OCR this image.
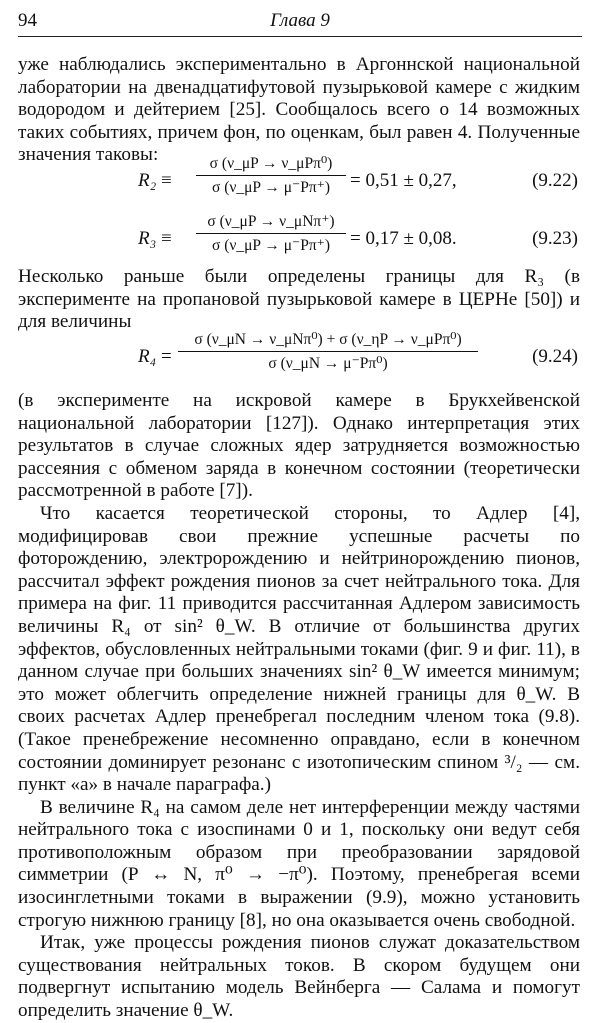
94	Глава 9

уже наблюдались экспериментально в Аргоннской национальной лаборатории на двенадцатифутовой пузырьковой камере с жидким водородом и дейтерием [25]. Сообщалось всего о 14 возможных таких событиях, причем фон, по оценкам, был равен 4. Полученные значения таковы:

R₂ ≡
σ (ν_μP → ν_μPπ⁰)
σ (ν_μP → μ⁻Pπ⁺)	= 0,51 ± 0,27,	(9.22)
R₃ ≡
σ (ν_μP → ν_μNπ⁺)
σ (ν_μP → μ⁻Pπ⁺)	= 0,17 ± 0,08.	(9.23)

Несколько раньше были определены границы для R₃ (в эксперименте на пропановой пузырьковой камере в ЦЕРНе [50]) и для величины

R₄ =
σ (ν_μN → ν_μNπ⁰) + σ (ν_ηP → ν_μPπ⁰)
σ (ν_μN → μ⁻Pπ⁰)	(9.24)

(в эксперименте на искровой камере в Брукхейвенской национальной лаборатории [127]). Однако интерпретация этих результатов в случае сложных ядер затрудняется возможностью рассеяния с обменом заряда в конечном состоянии (теоретически рассмотренной в работе [7]).

Что касается теоретической стороны, то Адлер [4], модифицировав свои прежние успешные расчеты по фоторождению, электророждению и нейтринорождению пионов, рассчитал эффект рождения пионов за счет нейтрального тока. Для примера на фиг. 11 приводится рассчитанная Адлером зависимость величины R₄ от sin² θ_W. В отличие от большинства других эффектов, обусловленных нейтральными токами (фиг. 9 и фиг. 11), в данном случае при больших значениях sin² θ_W имеется минимум; это может облегчить определение нижней границы для θ_W. В своих расчетах Адлер пренебрегал последним членом тока (9.8). (Такое пренебрежение несомненно оправдано, если в конечном состоянии доминирует резонанс с изотопическим спином ³/₂ — см. пункт «а» в начале параграфа.)

В величине R₄ на самом деле нет интерференции между частями нейтрального тока с изоспинами 0 и 1, поскольку они ведут себя противоположным образом при преобразовании зарядовой симметрии (P ↔ N, π⁰ → −π⁰). Поэтому, пренебрегая всеми изосинглетными токами в выражении (9.9), можно установить строгую нижнюю границу [8], но она оказывается очень свободной.

Итак, уже процессы рождения пионов служат доказательством существования нейтральных токов. В скором будущем они подвергнут испытанию модель Вейнберга — Салама и помогут определить значение θ_W.
